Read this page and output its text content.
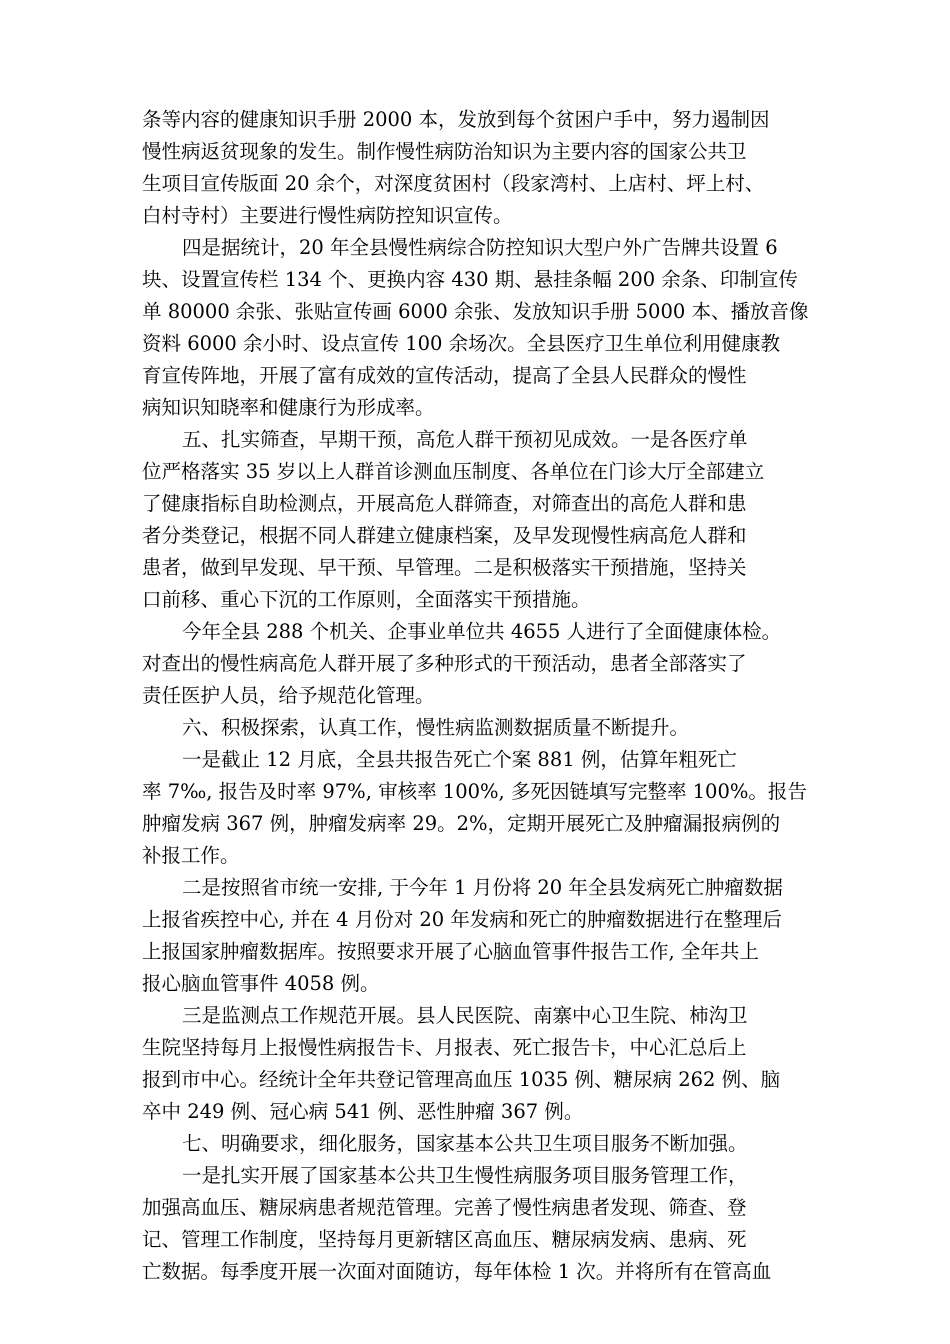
条等内容的健康知识手册 2000 本，发放到每个贫困户手中，努力遏制因
慢性病返贫现象的发生。制作慢性病防治知识为主要内容的国家公共卫
生项目宣传版面 20 余个，对深度贫困村（段家湾村、上店村、坪上村、
白村寺村）主要进行慢性病防控知识宣传。
四是据统计，20 年全县慢性病综合防控知识大型户外广告牌共设置 6
块、设置宣传栏 134 个、更换内容 430 期、悬挂条幅 200 余条、印制宣传
单 80000 余张、张贴宣传画 6000 余张、发放知识手册 5000 本、播放音像
资料 6000 余小时、设点宣传 100 余场次。全县医疗卫生单位利用健康教
育宣传阵地，开展了富有成效的宣传活动，提高了全县人民群众的慢性
病知识知晓率和健康行为形成率。
五、扎实筛查，早期干预，高危人群干预初见成效。一是各医疗单
位严格落实 35 岁以上人群首诊测血压制度、各单位在门诊大厅全部建立
了健康指标自助检测点，开展高危人群筛查，对筛查出的高危人群和患
者分类登记，根据不同人群建立健康档案，及早发现慢性病高危人群和
患者，做到早发现、早干预、早管理。二是积极落实干预措施，坚持关
口前移、重心下沉的工作原则，全面落实干预措施。
今年全县 288 个机关、企事业单位共 4655 人进行了全面健康体检。
对查出的慢性病高危人群开展了多种形式的干预活动，患者全部落实了
责任医护人员，给予规范化管理。
六、积极探索，认真工作，慢性病监测数据质量不断提升。
一是截止 12 月底，全县共报告死亡个案 881 例，估算年粗死亡
率 7‰, 报告及时率 97%, 审核率 100%, 多死因链填写完整率 100%。报告
肿瘤发病 367 例，肿瘤发病率 29。2%，定期开展死亡及肿瘤漏报病例的
补报工作。
二是按照省市统一安排, 于今年 1 月份将 20 年全县发病死亡肿瘤数据
上报省疾控中心, 并在 4 月份对 20 年发病和死亡的肿瘤数据进行在整理后
上报国家肿瘤数据库。按照要求开展了心脑血管事件报告工作, 全年共上
报心脑血管事件 4058 例。
三是监测点工作规范开展。县人民医院、南寨中心卫生院、柿沟卫
生院坚持每月上报慢性病报告卡、月报表、死亡报告卡，中心汇总后上
报到市中心。经统计全年共登记管理高血压 1035 例、糖尿病 262 例、脑
卒中 249 例、冠心病 541 例、恶性肿瘤 367 例。
七、明确要求，细化服务，国家基本公共卫生项目服务不断加强。
一是扎实开展了国家基本公共卫生慢性病服务项目服务管理工作，
加强高血压、糖尿病患者规范管理。完善了慢性病患者发现、筛查、登
记、管理工作制度，坚持每月更新辖区高血压、糖尿病发病、患病、死
亡数据。每季度开展一次面对面随访，每年体检 1 次。并将所有在管高血
